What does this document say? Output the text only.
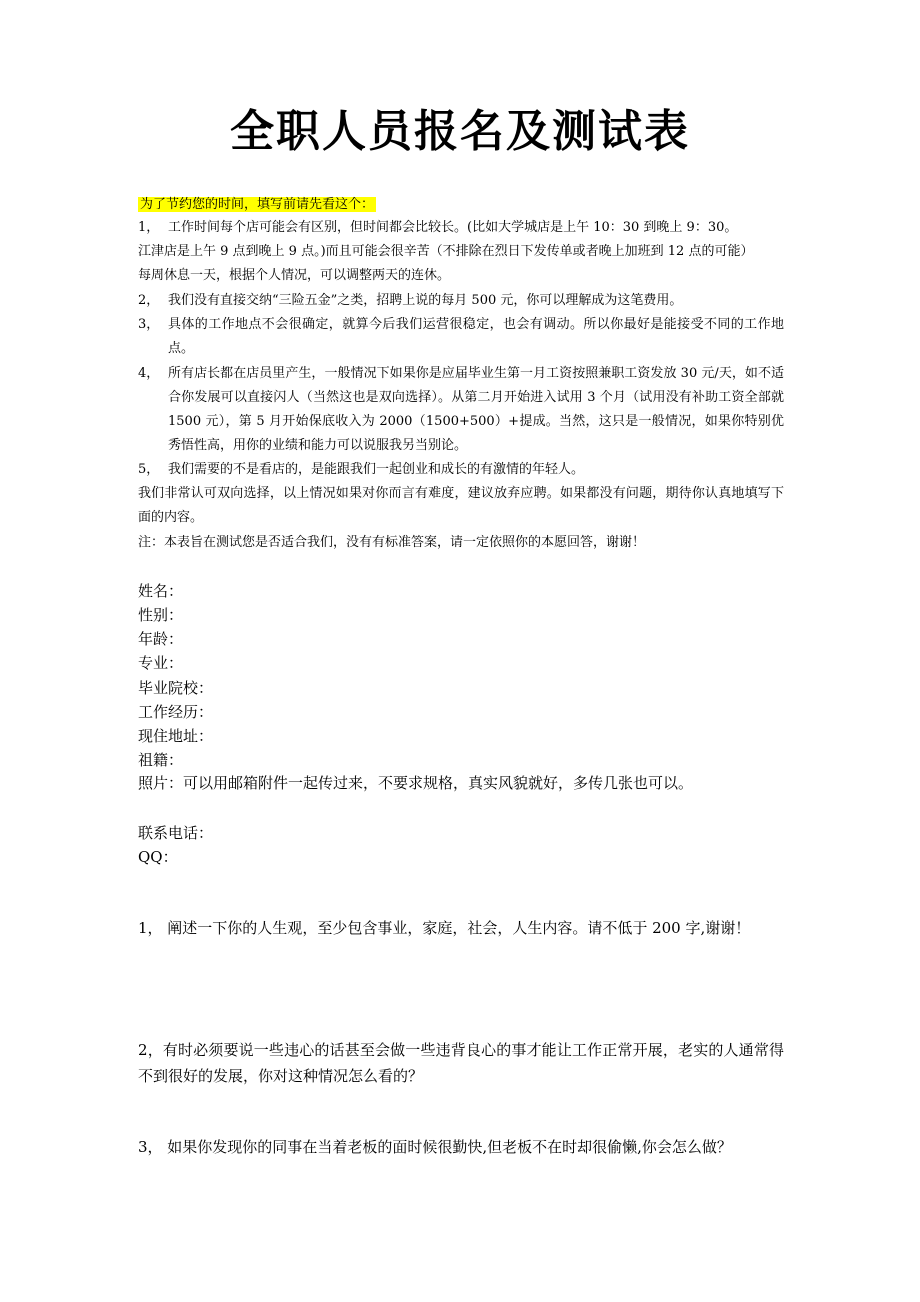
全职人员报名及测试表
为了节约您的时间，填写前请先看这个：
1， 工作时间每个店可能会有区别，但时间都会比较长。(比如大学城店是上午 10：30 到晚上 9：30。
江津店是上午 9 点到晚上 9 点。)而且可能会很辛苦（不排除在烈日下发传单或者晚上加班到 12 点的可能）
每周休息一天，根据个人情况，可以调整两天的连休。
2， 我们没有直接交纳“三险五金”之类，招聘上说的每月 500 元，你可以理解成为这笔费用。
3， 具体的工作地点不会很确定，就算今后我们运营很稳定，也会有调动。所以你最好是能接受不同的工作地点。
4， 所有店长都在店员里产生，一般情况下如果你是应届毕业生第一月工资按照兼职工资发放 30 元/天，如不适合你发展可以直接闪人（当然这也是双向选择）。从第二月开始进入试用 3 个月（试用没有补助工资全部就 1500 元），第 5 月开始保底收入为 2000（1500+500）+提成。当然，这只是一般情况，如果你特别优秀悟性高，用你的业绩和能力可以说服我另当别论。
5， 我们需要的不是看店的，是能跟我们一起创业和成长的有激情的年轻人。
我们非常认可双向选择，以上情况如果对你而言有难度，建议放弃应聘。如果都没有问题，期待你认真地填写下面的内容。
注：本表旨在测试您是否适合我们，没有有标准答案，请一定依照你的本愿回答，谢谢！
姓名：
性别：
年龄：
专业：
毕业院校：
工作经历：
现住地址：
祖籍：
照片：可以用邮箱附件一起传过来，不要求规格，真实风貌就好，多传几张也可以。
联系电话：
QQ：
1， 阐述一下你的人生观，至少包含事业，家庭，社会，人生内容。请不低于 200 字,谢谢！
2，有时必须要说一些违心的话甚至会做一些违背良心的事才能让工作正常开展，老实的人通常得不到很好的发展，你对这种情况怎么看的？
3， 如果你发现你的同事在当着老板的面时候很勤快,但老板不在时却很偷懒,你会怎么做？
